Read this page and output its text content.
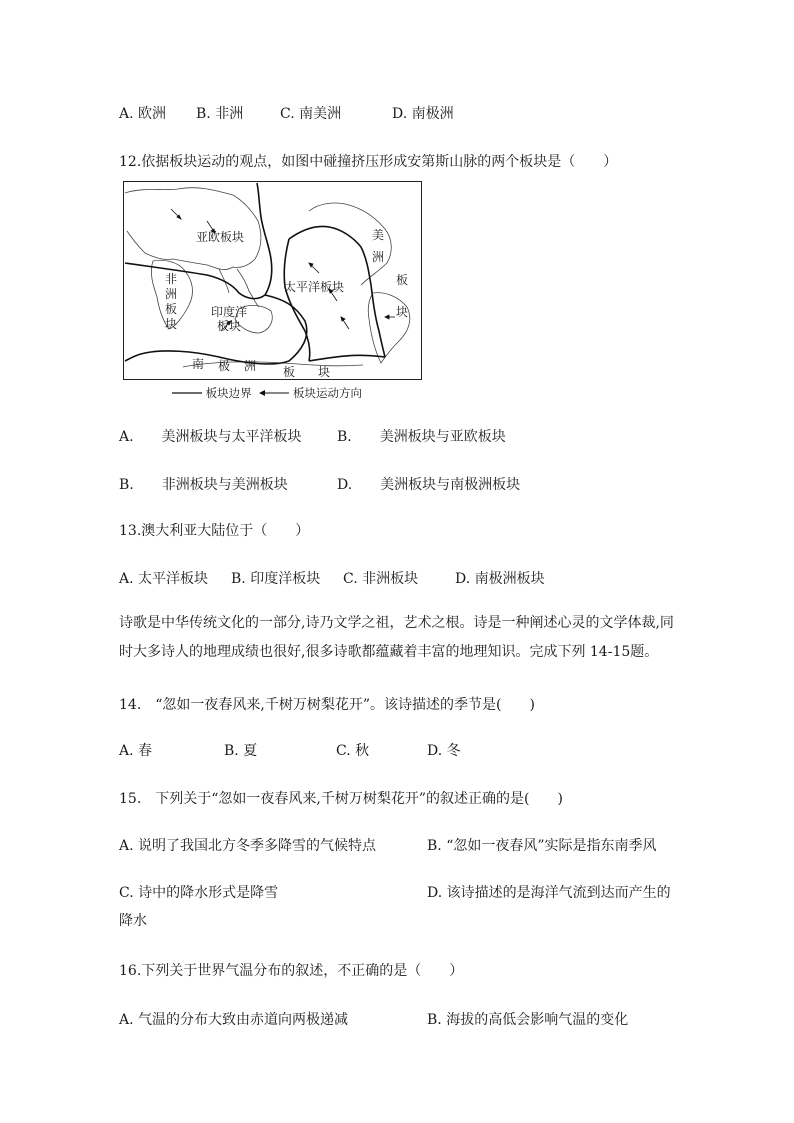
A. 欧洲 B. 非洲	C. 南美洲	D. 南极洲
12.依据板块运动的观点，如图中碰撞挤压形成安第斯山脉的两个板块是（　　）
亚欧板块
非
洲
板
块
印度洋
板块
太平洋板块
美
洲
板
块
南 极 洲 板 块
板块边界	板块运动方向
A.　　美洲板块与太平洋板块	B.　　美洲板块与亚欧板块
B.　　非洲板块与美洲板块	D.　　美洲板块与南极洲板块
13.澳大利亚大陆位于（　　）
A. 太平洋板块 B. 印度洋板块 C. 非洲板块	D. 南极洲板块
诗歌是中华传统文化的一部分,诗乃文学之祖，艺术之根。诗是一种阐述心灵的文学体裁,同时大多诗人的地理成绩也很好,很多诗歌都蕴藏着丰富的地理知识。完成下列 14-15题。
14.　“忽如一夜春风来,千树万树梨花开”。该诗描述的季节是(　　)
A. 春	B. 夏	C. 秋	D. 冬
15.　下列关于“忽如一夜春风来,千树万树梨花开”的叙述正确的是(　　)
A. 说明了我国北方冬季多降雪的气候特点	B. “忽如一夜春风”实际是指东南季风
C. 诗中的降水形式是降雪	D. 该诗描述的是海洋气流到达而产生的
降水
16.下列关于世界气温分布的叙述，不正确的是（　　）
A. 气温的分布大致由赤道向两极递减	B. 海拔的高低会影响气温的变化
